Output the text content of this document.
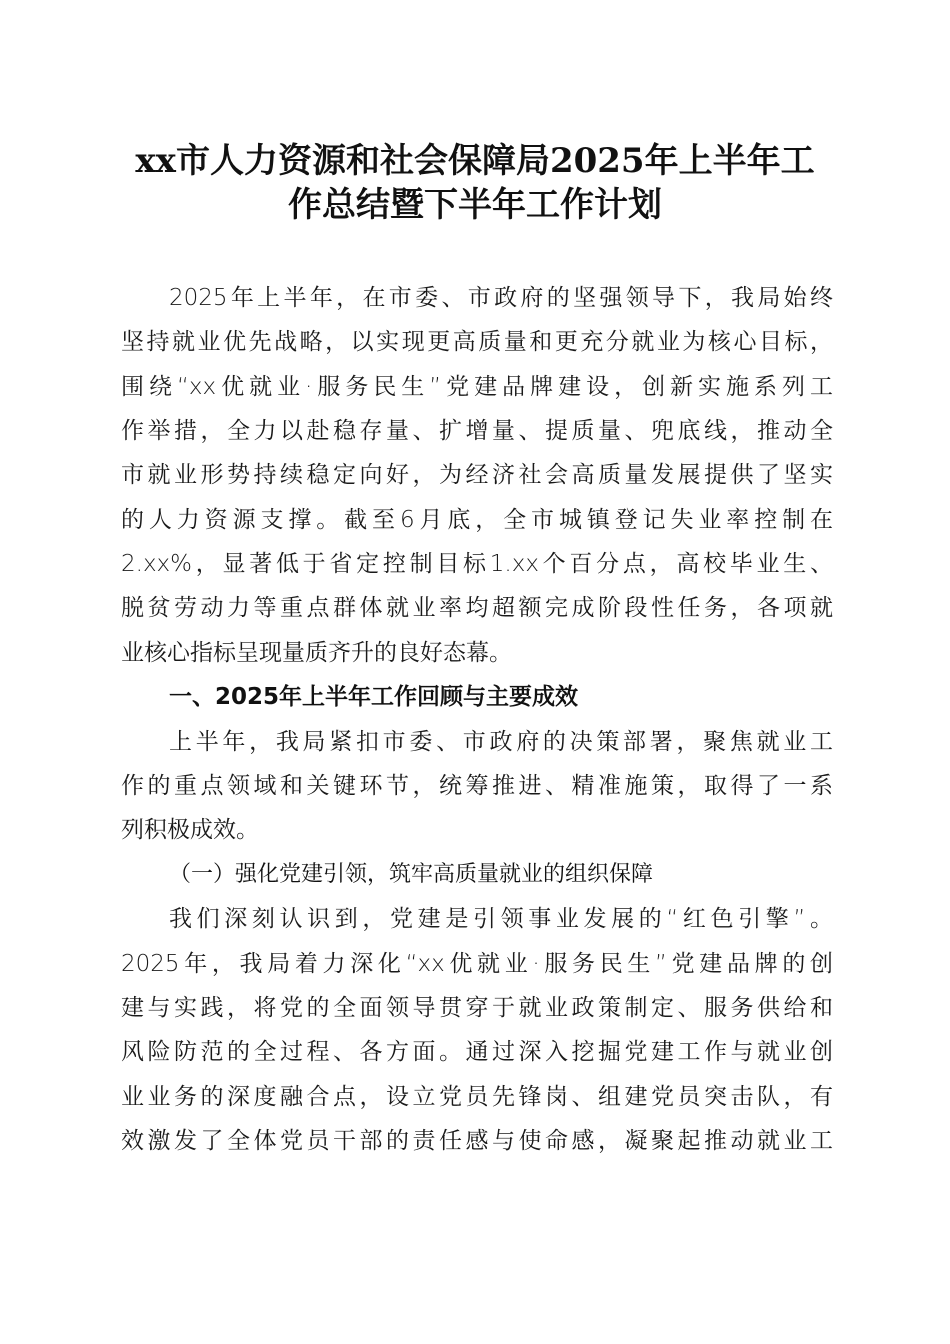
xx市人力资源和社会保障局2025年上半年工
作总结暨下半年工作计划
2025年上半年，在市委、市政府的坚强领导下，我局始终
坚持就业优先战略，以实现更高质量和更充分就业为核心目标，
围绕“xx优就业·服务民生”党建品牌建设，创新实施系列工
作举措，全力以赴稳存量、扩增量、提质量、兜底线，推动全
市就业形势持续稳定向好，为经济社会高质量发展提供了坚实
的人力资源支撑。截至6月底，全市城镇登记失业率控制在
2.xx%，显著低于省定控制目标1.xx个百分点，高校毕业生、
脱贫劳动力等重点群体就业率均超额完成阶段性任务，各项就
业核心指标呈现量质齐升的良好态幕。
一、2025年上半年工作回顾与主要成效
上半年，我局紧扣市委、市政府的决策部署，聚焦就业工
作的重点领域和关键环节，统筹推进、精准施策，取得了一系
列积极成效。
（一）强化党建引领，筑牢高质量就业的组织保障
我们深刻认识到，党建是引领事业发展的“红色引擎”。
2025年，我局着力深化“xx优就业·服务民生”党建品牌的创
建与实践，将党的全面领导贯穿于就业政策制定、服务供给和
风险防范的全过程、各方面。通过深入挖掘党建工作与就业创
业业务的深度融合点，设立党员先锋岗、组建党员突击队，有
效激发了全体党员干部的责任感与使命感，凝聚起推动就业工
